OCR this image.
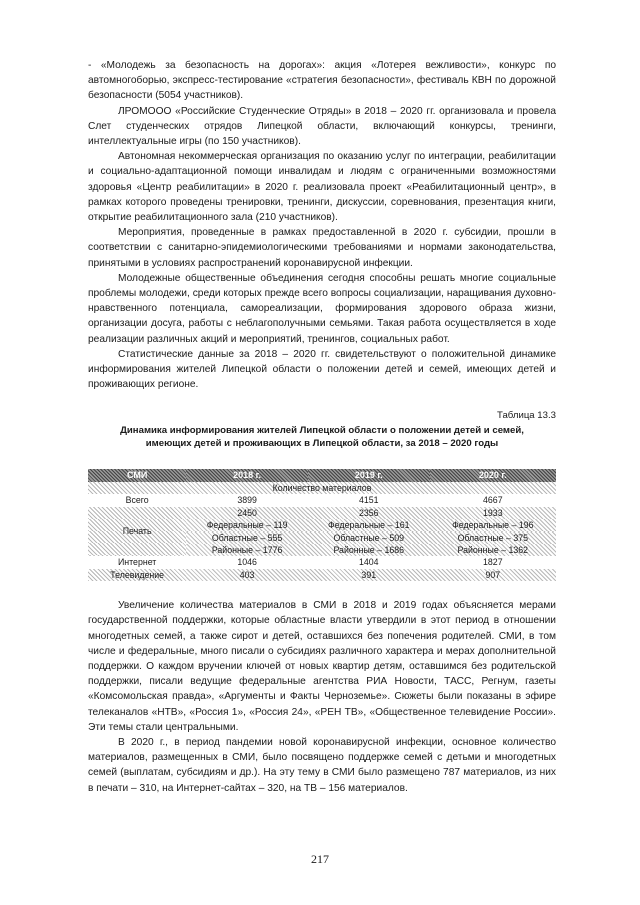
- «Молодежь за безопасность на дорогах»: акция «Лотерея вежливости», конкурс по автомногоборью, экспресс-тестирование «стратегия безопасности», фестиваль КВН по дорожной безопасности (5054 участников).

ЛРОМООО «Российские Студенческие Отряды» в 2018 – 2020 гг. организовала и провела Слет студенческих отрядов Липецкой области, включающий конкурсы, тренинги, интеллектуальные игры (по 150 участников).

Автономная некоммерческая организация по оказанию услуг по интеграции, реабилитации и социально-адаптационной помощи инвалидам и людям с ограниченными возможностями здоровья «Центр реабилитации» в 2020 г. реализовала проект «Реабилитационный центр», в рамках которого проведены тренировки, тренинги, дискуссии, соревнования, презентация книги, открытие реабилитационного зала (210 участников).

Мероприятия, проведенные в рамках предоставленной в 2020 г. субсидии, прошли в соответствии с санитарно-эпидемиологическими требованиями и нормами законодательства, принятыми в условиях распространений коронавирусной инфекции.

Молодежные общественные объединения сегодня способны решать многие социальные проблемы молодежи, среди которых прежде всего вопросы социализации, наращивания духовно-нравственного потенциала, самореализации, формирования здорового образа жизни, организации досуга, работы с неблагополучными семьями. Такая работа осуществляется в ходе реализации различных акций и мероприятий, тренингов, социальных работ.

Статистические данные за 2018 – 2020 гг. свидетельствуют о положительной динамике информирования жителей Липецкой области о положении детей и семей, имеющих детей и проживающих регионе.

Таблица 13.3
Динамика информирования жителей Липецкой области о положении детей и семей,
имеющих детей и проживающих в Липецкой области, за 2018 – 2020 годы
СМИ	2018 г.	2019 г.	2020 г.
Количество материалов			
Всего	3899	4151	4667
Печать	2450	2356	1933
	Федеральные – 119	Федеральные – 161	Федеральные – 196
	Областные – 555	Областные – 509	Областные – 375
	Районные – 1776	Районные – 1686	Районные – 1362
Интернет	1046	1404	1827
Телевидение	403	391	907

Увеличение количества материалов в СМИ в 2018 и 2019 годах объясняется мерами государственной поддержки, которые областные власти утвердили в этот период в отношении многодетных семей, а также сирот и детей, оставшихся без попечения родителей. СМИ, в том числе и федеральные, много писали о субсидиях различного характера и мерах дополнительной поддержки. О каждом вручении ключей от новых квартир детям, оставшимся без родительской поддержки, писали ведущие федеральные агентства РИА Новости, ТАСС, Регнум, газеты «Комсомольская правда», «Аргументы и Факты Черноземье». Сюжеты были показаны в эфире телеканалов «НТВ», «Россия 1», «Россия 24», «РЕН ТВ», «Общественное телевидение России». Эти темы стали центральными.

В 2020 г., в период пандемии новой коронавирусной инфекции, основное количество материалов, размещенных в СМИ, было посвящено поддержке семей с детьми и многодетных семей (выплатам, субсидиям и др.). На эту тему в СМИ было размещено 787 материалов, из них в печати – 310, на Интернет-сайтах – 320, на ТВ – 156 материалов.

217
